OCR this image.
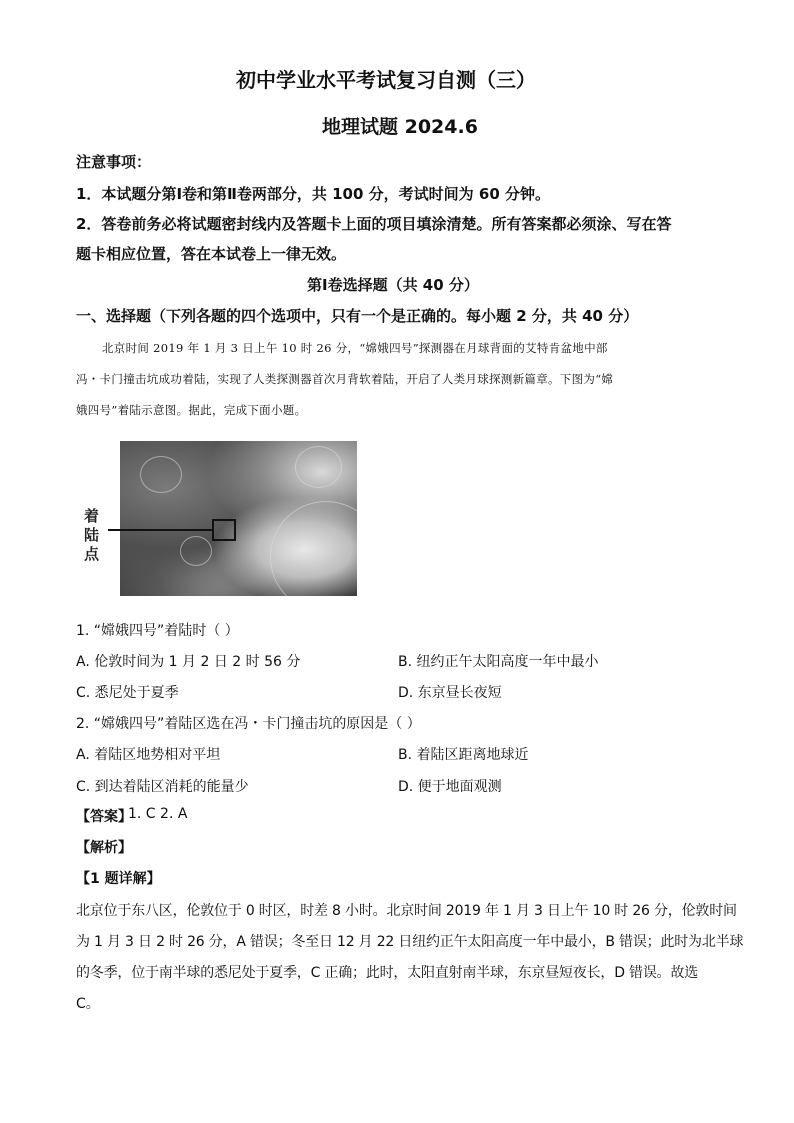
初中学业水平考试复习自测（三）
地理试题 2024.6
注意事项：
1．本试题分第Ⅰ卷和第Ⅱ卷两部分，共 100 分，考试时间为 60 分钟。
2．答卷前务必将试题密封线内及答题卡上面的项目填涂清楚。所有答案都必须涂、写在答
题卡相应位置，答在本试卷上一律无效。
第Ⅰ卷选择题（共 40 分）
一、选择题（下列各题的四个选项中，只有一个是正确的。每小题 2 分，共 40 分）
北京时间 2019 年 1 月 3 日上午 10 时 26 分，“嫦娥四号”探测器在月球背面的艾特肯盆地中部
冯・卡门撞击坑成功着陆，实现了人类探测器首次月背软着陆，开启了人类月球探测新篇章。下图为“嫦
娥四号”着陆示意图。据此，完成下面小题。
着
陆
点
1. “嫦娥四号”着陆时（ ）
A. 伦敦时间为 1 月 2 日 2 时 56 分	B. 纽约正午太阳高度一年中最小
C. 悉尼处于夏季	D. 东京昼长夜短
2. “嫦娥四号”着陆区选在冯・卡门撞击坑的原因是（ ）
A. 着陆区地势相对平坦	B. 着陆区距离地球近
C. 到达着陆区消耗的能量少	D. 便于地面观测
【答案】
1. C 2. A
【解析】
【1 题详解】
北京位于东八区，伦敦位于 0 时区，时差 8 小时。北京时间 2019 年 1 月 3 日上午 10 时 26 分，伦敦时间
为 1 月 3 日 2 时 26 分，A 错误；冬至日 12 月 22 日纽约正午太阳高度一年中最小，B 错误；此时为北半球
的冬季，位于南半球的悉尼处于夏季，C 正确；此时，太阳直射南半球，东京昼短夜长，D 错误。故选
C。
